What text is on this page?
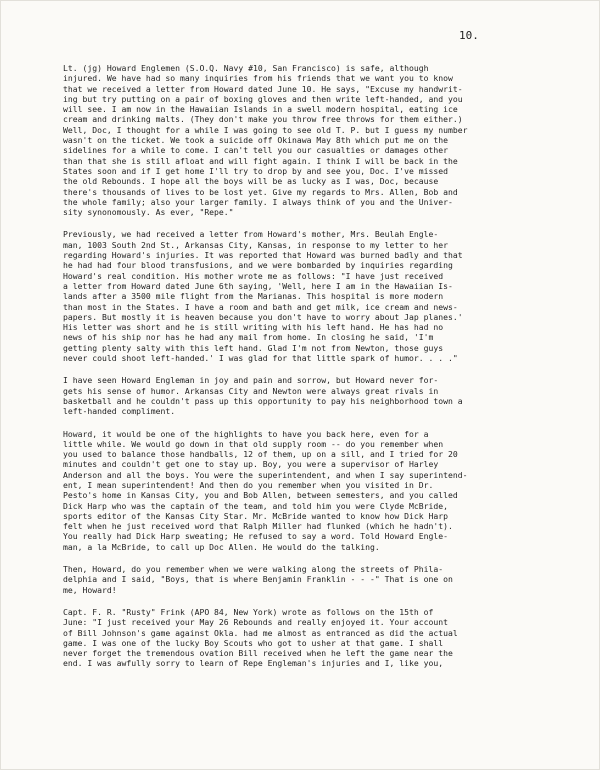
10.
Lt. (jg) Howard Englemen (S.O.Q. Navy #10, San Francisco) is safe, although
injured. We have had so many inquiries from his friends that we want you to know
that we received a letter from Howard dated June 10. He says, "Excuse my handwrit-
ing but try putting on a pair of boxing gloves and then write left-handed, and you
will see. I am now in the Hawaiian Islands in a swell modern hospital, eating ice
cream and drinking malts. (They don't make you throw free throws for them either.)
Well, Doc, I thought for a while I was going to see old T. P. but I guess my number
wasn't on the ticket. We took a suicide off Okinawa May 8th which put me on the
sidelines for a while to come. I can't tell you our casualties or damages other
than that she is still afloat and will fight again. I think I will be back in the
States soon and if I get home I'll try to drop by and see you, Doc. I've missed
the old Rebounds. I hope all the boys will be as lucky as I was, Doc, because
there's thousands of lives to be lost yet. Give my regards to Mrs. Allen, Bob and
the whole family; also your larger family. I always think of you and the Univer-
sity synonomously. As ever, "Repe."
Previously, we had received a letter from Howard's mother, Mrs. Beulah Engle-
man, 1003 South 2nd St., Arkansas City, Kansas, in response to my letter to her
regarding Howard's injuries. It was reported that Howard was burned badly and that
he had had four blood transfusions, and we were bombarded by inquiries regarding
Howard's real condition. His mother wrote me as follows: "I have just received
a letter from Howard dated June 6th saying, 'Well, here I am in the Hawaiian Is-
lands after a 3500 mile flight from the Marianas. This hospital is more modern
than most in the States. I have a room and bath and get milk, ice cream and news-
papers. But mostly it is heaven because you don't have to worry about Jap planes.'
His letter was short and he is still writing with his left hand. He has had no
news of his ship nor has he had any mail from home. In closing he said, 'I'm
getting plenty salty with this left hand. Glad I'm not from Newton, those guys
never could shoot left-handed.' I was glad for that little spark of humor. . . ."
I have seen Howard Engleman in joy and pain and sorrow, but Howard never for-
gets his sense of humor. Arkansas City and Newton were always great rivals in
basketball and he couldn't pass up this opportunity to pay his neighborhood town a
left-handed compliment.
Howard, it would be one of the highlights to have you back here, even for a
little while. We would go down in that old supply room -- do you remember when
you used to balance those handballs, 12 of them, up on a sill, and I tried for 20
minutes and couldn't get one to stay up. Boy, you were a supervisor of Harley
Anderson and all the boys. You were the superintendent, and when I say superintend-
ent, I mean superintendent! And then do you remember when you visited in Dr.
Pesto's home in Kansas City, you and Bob Allen, between semesters, and you called
Dick Harp who was the captain of the team, and told him you were Clyde McBride,
sports editor of the Kansas City Star. Mr. McBride wanted to know how Dick Harp
felt when he just received word that Ralph Miller had flunked (which he hadn't).
You really had Dick Harp sweating; He refused to say a word. Told Howard Engle-
man, a la McBride, to call up Doc Allen. He would do the talking.
Then, Howard, do you remember when we were walking along the streets of Phila-
delphia and I said, "Boys, that is where Benjamin Franklin - - -" That is one on
me, Howard!
Capt. F. R. "Rusty" Frink (APO 84, New York) wrote as follows on the 15th of
June: "I just received your May 26 Rebounds and really enjoyed it. Your account
of Bill Johnson's game against Okla. had me almost as entranced as did the actual
game. I was one of the lucky Boy Scouts who got to usher at that game. I shall
never forget the tremendous ovation Bill received when he left the game near the
end. I was awfully sorry to learn of Repe Engleman's injuries and I, like you,
